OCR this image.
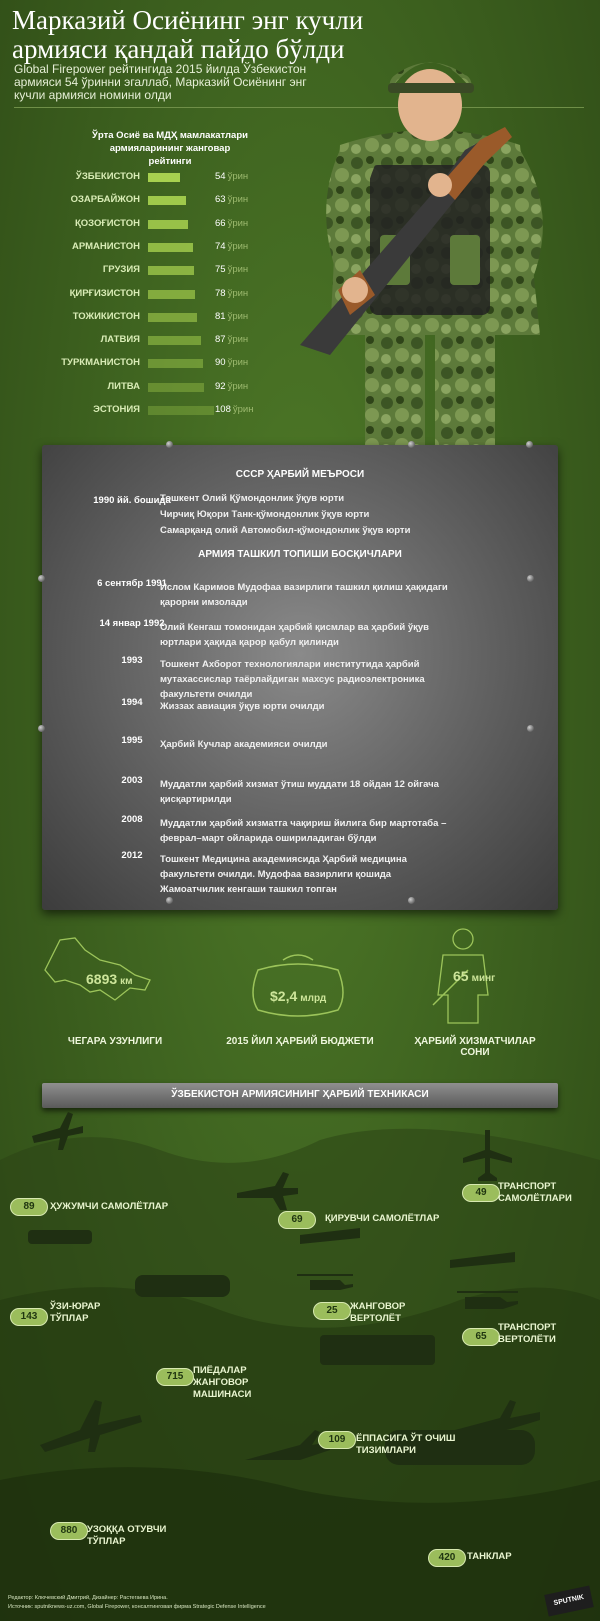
Марказий Осиёнинг энг кучли армияси қандай пайдо бўлди
Global Firepower рейтингида 2015 йилда Ўзбекистон армияси 54 ўринни эгаллаб, Марказий Осиёнинг энг кучли армияси номини олди
Ўрта Осиё ва МДҲ мамлакатлари армияларининг жанговар рейтинги
ЎЗБЕКИСТОН	54 ўрин
ОЗАРБАЙЖОН	63 ўрин
ҚОЗОҒИСТОН	66 ўрин
АРМАНИСТОН	74 ўрин
ГРУЗИЯ	75 ўрин
ҚИРҒИЗИСТОН	78 ўрин
ТОЖИКИСТОН	81 ўрин
ЛАТВИЯ	87 ўрин
ТУРКМАНИСТОН	90 ўрин
ЛИТВА	92 ўрин
ЭСТОНИЯ	108 ўрин
СССР ҲАРБИЙ МЕЪРОСИ
1990 йй. бошида
Тошкент Олий Қўмондонлик ўқув юрти
Чирчиқ Юқори Танк-қўмондонлик ўқув юрти
Самарқанд олий Автомобил-қўмондонлик ўқув юрти
АРМИЯ ТАШКИЛ ТОПИШИ БОСҚИЧЛАРИ
6 сентябр 1991
Ислом Каримов Мудофаа вазирлиги ташкил қилиш ҳақидаги қарорни имзолади
14 январ 1992
Олий Кенгаш томонидан ҳарбий қисмлар ва ҳарбий ўқув юртлари ҳақида қарор қабул қилинди
1993	Тошкент Ахборот технологиялари институтида ҳарбий мутахассислар таёрлайдиган махсус радиоэлектроника факультети очилди
1994	Жиззах авиация ўқув юрти очилди
1995	Ҳарбий Кучлар академияси очилди
2003	Муддатли ҳарбий хизмат ўтиш муддати 18 ойдан 12 ойгача қисқартирилди
2008	Муддатли ҳарбий хизматга чақириш йилига бир мартотаба – феврал–март ойларида ошириладиган бўлди
2012	Тошкент Медицина академиясида Ҳарбий медицина факультети очилди. Мудофаа вазирлиги қошида Жамоатчилик кенгаши ташкил топган
6893 км
ЧЕГАРА УЗУНЛИГИ
$2,4 млрд
2015 ЙИЛ ҲАРБИЙ БЮДЖЕТИ
65 минг
ҲАРБИЙ ХИЗМАТЧИЛАР СОНИ
ЎЗБЕКИСТОН АРМИЯСИНИНГ ҲАРБИЙ ТЕХНИКАСИ
89	ҲУЖУМЧИ САМОЛЁТЛАР
69	ҚИРУВЧИ САМОЛЁТЛАР
49
ТРАНСПОРТ САМОЛЁТЛАРИ
143
ЎЗИ-ЮРАР ТЎПЛАР
25	ЖАНГОВОР ВЕРТОЛЁТ
65
ТРАНСПОРТ ВЕРТОЛЁТИ
715
ПИЁДАЛАР ЖАНГОВОР МАШИНАСИ
109	ЁППАСИГА ЎТ ОЧИШ ТИЗИМЛАРИ
880	УЗОҚҚА ОТУВЧИ ТЎПЛАР
420	ТАНКЛАР
Редактор: Ключевский Дмитрий, Дизайнер: Растегаева Ирина.
Источник: sputniknews-uz.com, Global Firepower, консалтинговая фирма Strategic Defense Intelligence	SPUTNIK
